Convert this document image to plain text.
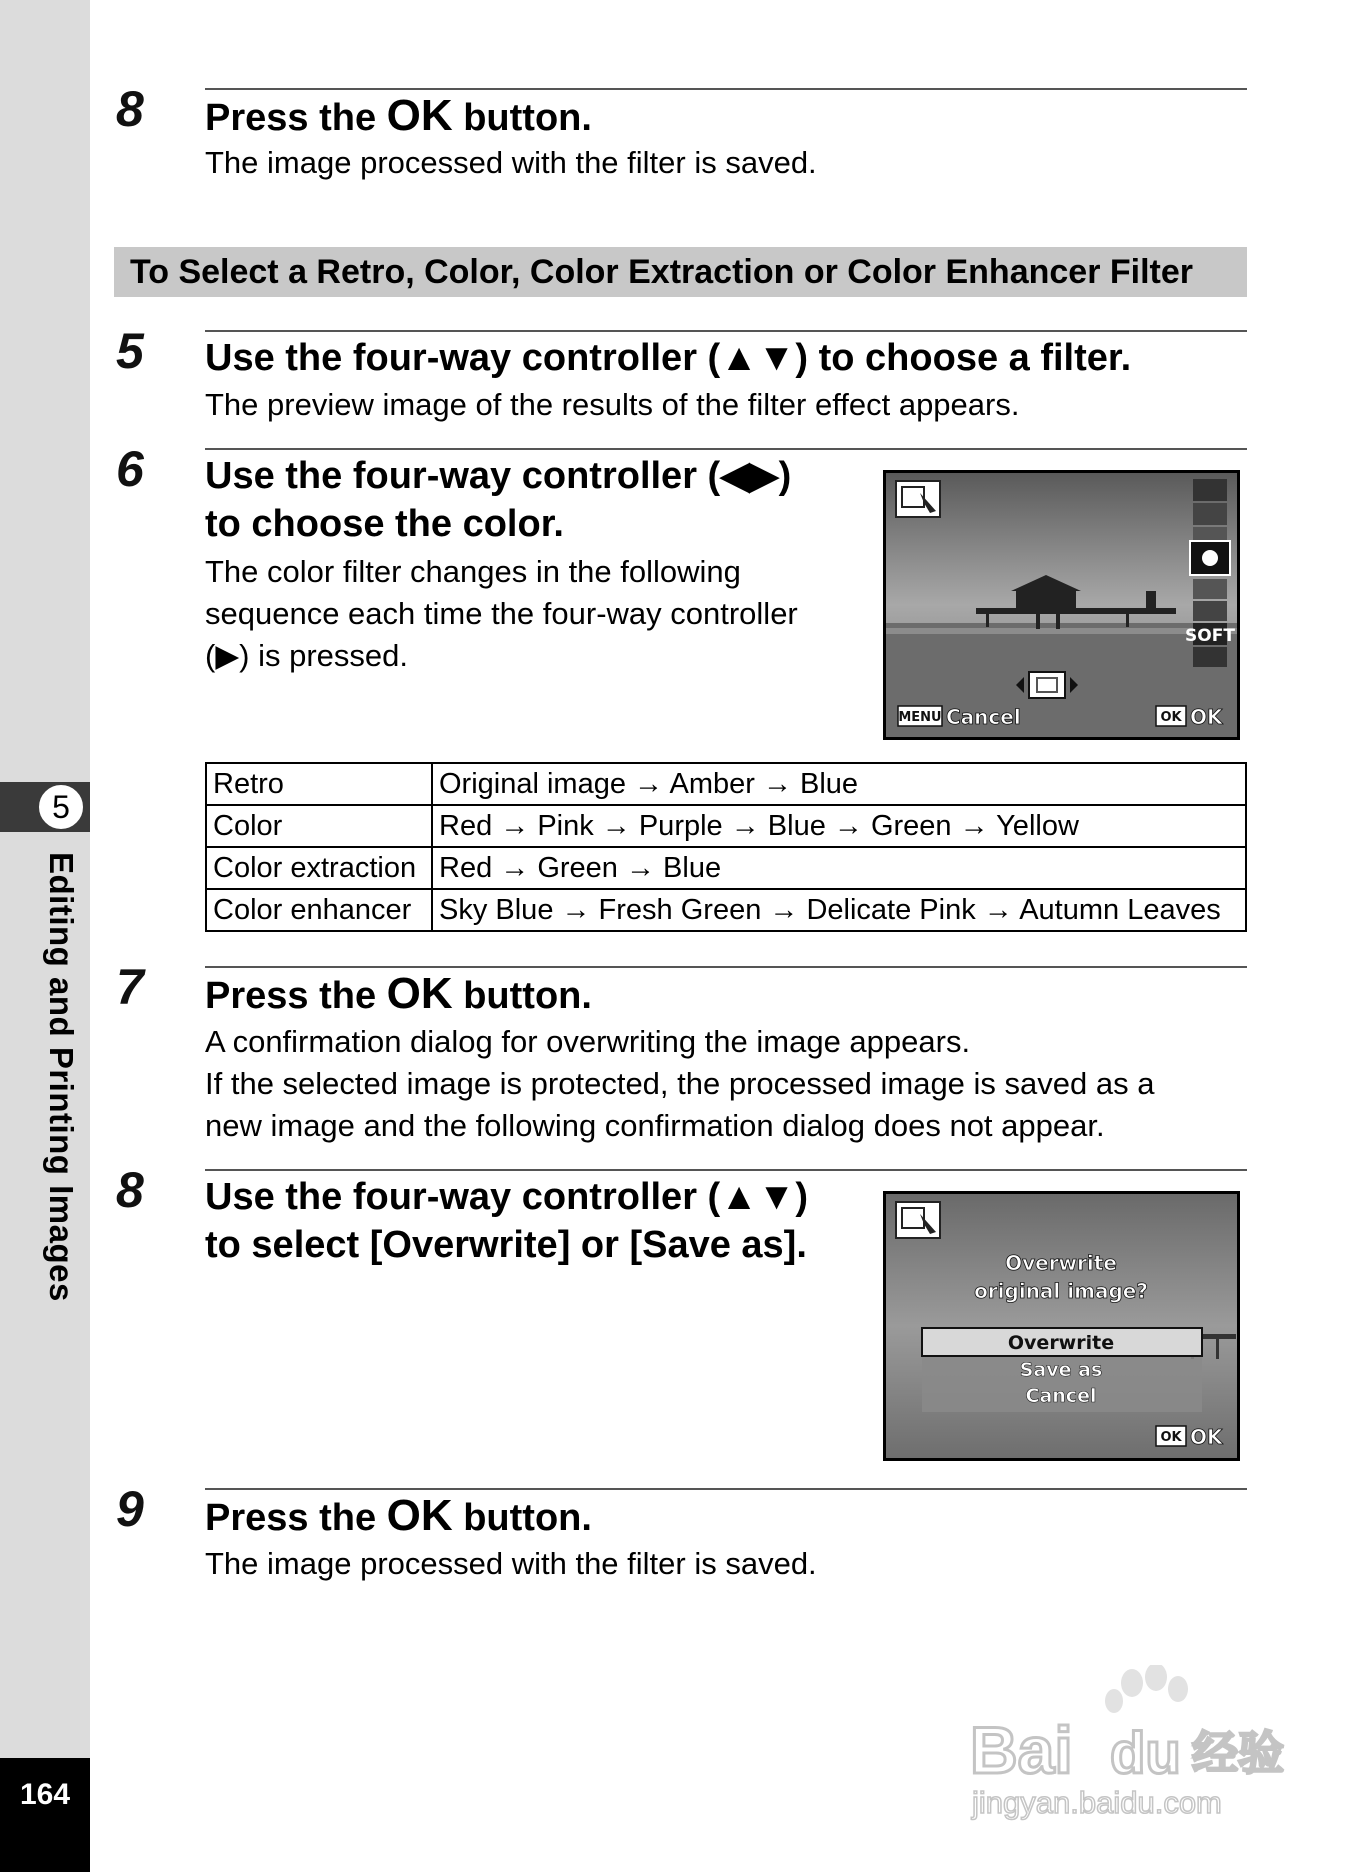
5
Editing and Printing Images
164
8 Press the OK button.
The image processed with the filter is saved.
To Select a Retro, Color, Color Extraction or Color Enhancer Filter
5 Use the four-way controller (▲▼) to choose a filter.
The preview image of the results of the filter effect appears.
6 Use the four-way controller (◀▶)
to choose the color.
The color filter changes in the following
sequence each time the four-way controller
(▶) is pressed.
SOFT
MENU Cancel	OK OK
Retro	Original image → Amber → Blue
Color	Red → Pink → Purple → Blue → Green → Yellow
Color extraction	Red → Green → Blue
Color enhancer	Sky Blue → Fresh Green → Delicate Pink → Autumn Leaves
7 Press the OK button.
A confirmation dialog for overwriting the image appears.
If the selected image is protected, the processed image is saved as a
new image and the following confirmation dialog does not appear.
8 Use the four-way controller (▲▼)
to select [Overwrite] or [Save as].	Overwrite
original image?
Overwrite
Save as
Cancel
OK OK
9 Press the OK button.
The image processed with the filter is saved.
Bai du 经验
jingyan.baidu.com
